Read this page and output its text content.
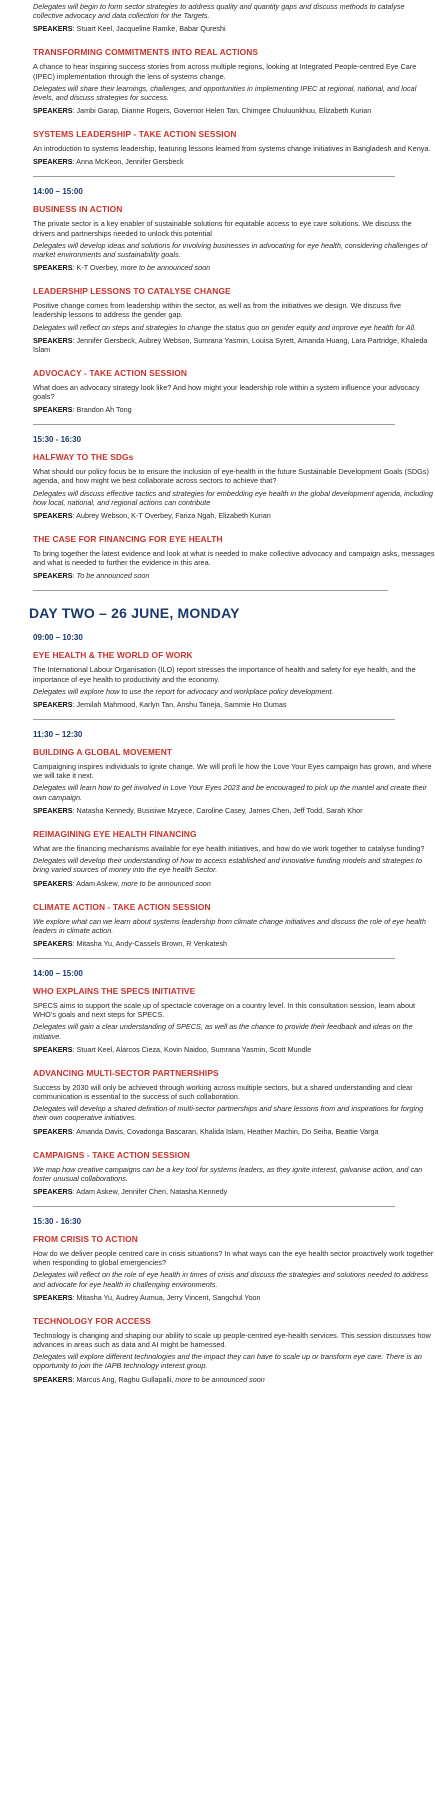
Delegates will begin to form sector strategies to address quality and quantity gaps and discuss methods to catalyse collective advocacy and data collection for the Targets.

SPEAKERS: Stuart Keel, Jacqueline Ramke, Babar Qureshi

TRANSFORMING COMMITMENTS INTO REAL ACTIONS

A chance to hear inspiring success stories from across multiple regions, looking at Integrated People-centred Eye Care (IPEC) implementation through the lens of systems change.

Delegates will share their learnings, challenges, and opportunities in implementing IPEC at regional, national, and local levels, and discuss strategies for success.

SPEAKERS: Jambi Garap, Dianne Rogers, Governor Helen Tan, Chimgee Chuluunkhuu, Elizabeth Kurian

SYSTEMS LEADERSHIP - TAKE ACTION SESSION

An introduction to systems leadership, featuring lessons learned from systems change initiatives in Bangladesh and Kenya.

SPEAKERS: Anna McKeon, Jennifer Gersbeck

14:00 – 15:00

BUSINESS IN ACTION

The private sector is a key enabler of sustainable solutions for equitable access to eye care solutions. We discuss the drivers and partnerships needed to unlock this potential

Delegates will develop ideas and solutions for involving businesses in advocating for eye health, considering challenges of market environments and sustainability goals.

SPEAKERS: K-T Overbey, more to be announced soon

LEADERSHIP LESSONS TO CATALYSE CHANGE

Positive change comes from leadership within the sector, as well as from the initiatives we design. We discuss five leadership lessons to address the gender gap.

Delegates will reflect on steps and strategies to change the status quo on gender equity and improve eye health for All.

SPEAKERS: Jennifer Gersbeck, Aubrey Webson, Sumrana Yasmin, Louisa Syrett, Amanda Huang, Lara Partridge, Khaleda Islam

ADVOCACY - TAKE ACTION SESSION

What does an advocacy strategy look like? And how might your leadership role within a system influence your advocacy goals?

SPEAKERS: Brandon Ah Tong

15:30 - 16:30

HALFWAY TO THE SDGs

What should our policy focus be to ensure the inclusion of eye-health in the future Sustainable Development Goals (SDGs) agenda, and how might we best collaborate across sectors to achieve that?

Delegates will discuss effective tactics and strategies for embedding eye health in the global development agenda, including how local, national, and regional actions can contribute

SPEAKERS: Aubrey Webson, K-T Overbey, Fariza Ngah, Elizabeth Kurian

THE CASE FOR FINANCING FOR EYE HEALTH

To bring together the latest evidence and look at what is needed to make collective advocacy and campaign asks, messages and what is needed to further the evidence in this area.

SPEAKERS: To be announced soon

DAY TWO – 26 JUNE, MONDAY

09:00 – 10:30

EYE HEALTH & THE WORLD OF WORK

The International Labour Organisation (ILO) report stresses the importance of health and safety for eye health, and the importance of eye health to productivity and the economy.

Delegates will explore how to use the report for advocacy and workplace policy development.

SPEAKERS: Jemilah Mahmood, Karlyn Tan, Anshu Taneja, Sammie Ho Dumas

11:30 – 12:30

BUILDING A GLOBAL MOVEMENT

Campaigning inspires individuals to ignite change. We will profi le how the Love Your Eyes campaign has grown, and where we will take it next.

Delegates will learn how to get involved in Love Your Eyes 2023 and be encouraged to pick up the mantel and create their own campaign.

SPEAKERS: Natasha Kennedy, Busisiwe Mzyece, Caroline Casey, James Chen, Jeff Todd, Sarah Khor

REIMAGINING EYE HEALTH FINANCING

What are the financing mechanisms available for eye health initiatives, and how do we work together to catalyse funding?

Delegates will develop their understanding of how to access established and innovative funding models and strategies to bring varied sources of money into the eye health Sector.

SPEAKERS: Adam Askew, more to be announced soon

CLIMATE ACTION - TAKE ACTION SESSION

We explore what can we learn about systems leadership from climate change initiatives and discuss the role of eye health leaders in climate action.

SPEAKERS: Mitasha Yu, Andy-Cassels Brown, R Venkatesh

14:00 – 15:00

WHO EXPLAINS THE SPECS INITIATIVE

SPECS aims to support the scale up of spectacle coverage on a country level. In this consultation session, learn about WHO’s goals and next steps for SPECS.

Delegates will gain a clear understanding of SPECS, as well as the chance to provide their feedback and ideas on the initiative.

SPEAKERS: Stuart Keel, Alarcos Cieza, Kovin Naidoo, Sumrana Yasmin, Scott Mundle

ADVANCING MULTI-SECTOR PARTNERSHIPS

Success by 2030 will only be achieved through working across multiple sectors, but a shared understanding and clear communication is essential to the success of such collaboration.

Delegates will develop a shared definition of multi-sector partnerships and share lessons from and inspirations for forging their own cooperative initiatives.

SPEAKERS: Amanda Davis, Covadonga Bascaran, Khalida Islam, Heather Machin, Do Seiha, Beattie Varga

CAMPAIGNS - TAKE ACTION SESSION

We map how creative campaigns can be a key tool for systems leaders, as they ignite interest, galvanise action, and can foster unusual collaborations.

SPEAKERS: Adam Askew, Jennifer Chen, Natasha Kennedy

15:30 - 16:30

FROM CRISIS TO ACTION

How do we deliver people centred care in crisis situations? In what ways can the eye health sector proactively work together when responding to global emergencies?

Delegates will reflect on the role of eye health in times of crisis and discuss the strategies and solutions needed to address and advocate for eye health in challenging environments.

SPEAKERS: Mitasha Yu, Audrey Aumua, Jerry Vincent, Sangchul Yoon

TECHNOLOGY FOR ACCESS

Technology is changing and shaping our ability to scale up people-centred eye-health services. This session discusses how advances in areas such as data and AI might be harnessed.

Delegates will explore different technologies and the impact they can have to scale up or transform eye care. There is an opportunity to join the IAPB technology interest group.

SPEAKERS: Marcus Ang, Raghu Gullapalli, more to be announced soon
